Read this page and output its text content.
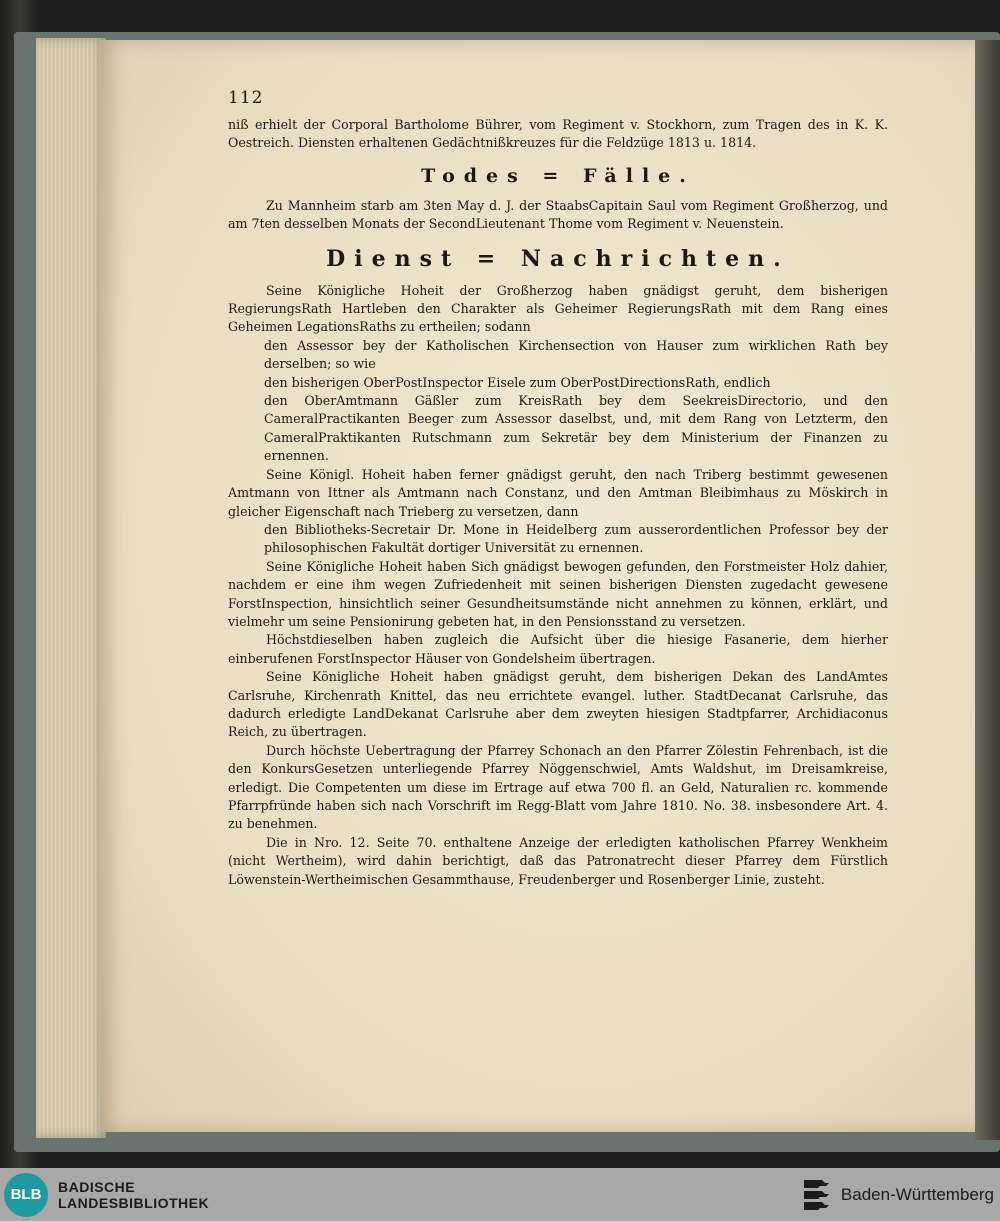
112

niß erhielt der Corporal Bartholome Bührer, vom Regiment v. Stockhorn, zum Tragen des in K. K. Oestreich. Diensten erhaltenen Gedächtnißkreuzes für die Feldzüge 1813 u. 1814.

Todes = Fälle.

Zu Mannheim starb am 3ten May d. J. der StaabsCapitain Saul vom Regiment Großherzog, und am 7ten desselben Monats der SecondLieutenant Thome vom Regiment v. Neuenstein.

Dienst = Nachrichten.

Seine Königliche Hoheit der Großherzog haben gnädigst geruht, dem bisherigen RegierungsRath Hartleben den Charakter als Geheimer RegierungsRath mit dem Rang eines Geheimen LegationsRaths zu ertheilen; sodann

den Assessor bey der Katholischen Kirchensection von Hauser zum wirklichen Rath bey derselben; so wie

den bisherigen OberPostInspector Eisele zum OberPostDirectionsRath, endlich

den OberAmtmann Gäßler zum KreisRath bey dem SeekreisDirectorio, und den CameralPractikanten Beeger zum Assessor daselbst, und, mit dem Rang von Letzterm, den CameralPraktikanten Rutschmann zum Sekretär bey dem Ministerium der Finanzen zu ernennen.

Seine Königl. Hoheit haben ferner gnädigst geruht, den nach Triberg bestimmt gewesenen Amtmann von Ittner als Amtmann nach Constanz, und den Amtman Bleibimhaus zu Möskirch in gleicher Eigenschaft nach Trieberg zu versetzen, dann

den Bibliotheks-Secretair Dr. Mone in Heidelberg zum ausserordentlichen Professor bey der philosophischen Fakultät dortiger Universität zu ernennen.

Seine Königliche Hoheit haben Sich gnädigst bewogen gefunden, den Forstmeister Holz dahier, nachdem er eine ihm wegen Zufriedenheit mit seinen bisherigen Diensten zugedacht gewesene ForstInspection, hinsichtlich seiner Gesundheitsumstände nicht annehmen zu können, erklärt, und vielmehr um seine Pensionirung gebeten hat, in den Pensionsstand zu versetzen.

Höchstdieselben haben zugleich die Aufsicht über die hiesige Fasanerie, dem hierher einberufenen ForstInspector Häuser von Gondelsheim übertragen.

Seine Königliche Hoheit haben gnädigst geruht, dem bisherigen Dekan des LandAmtes Carlsruhe, Kirchenrath Knittel, das neu errichtete evangel. luther. StadtDecanat Carlsruhe, das dadurch erledigte LandDekanat Carlsruhe aber dem zweyten hiesigen Stadtpfarrer, Archidiaconus Reich, zu übertragen.

Durch höchste Uebertragung der Pfarrey Schonach an den Pfarrer Zölestin Fehrenbach, ist die den KonkursGesetzen unterliegende Pfarrey Nöggenschwiel, Amts Waldshut, im Dreisamkreise, erledigt. Die Competenten um diese im Ertrage auf etwa 700 fl. an Geld, Naturalien rc. kommende Pfarrpfründe haben sich nach Vorschrift im Regg-Blatt vom Jahre 1810. No. 38. insbesondere Art. 4. zu benehmen.

Die in Nro. 12. Seite 70. enthaltene Anzeige der erledigten katholischen Pfarrey Wenkheim (nicht Wertheim), wird dahin berichtigt, daß das Patronatrecht dieser Pfarrey dem Fürstlich Löwenstein-Wertheimischen Gesammthause, Freudenberger und Rosenberger Linie, zusteht.

BLB	BADISCHE
LANDESBIBLIOTHEK	Baden-Württemberg
